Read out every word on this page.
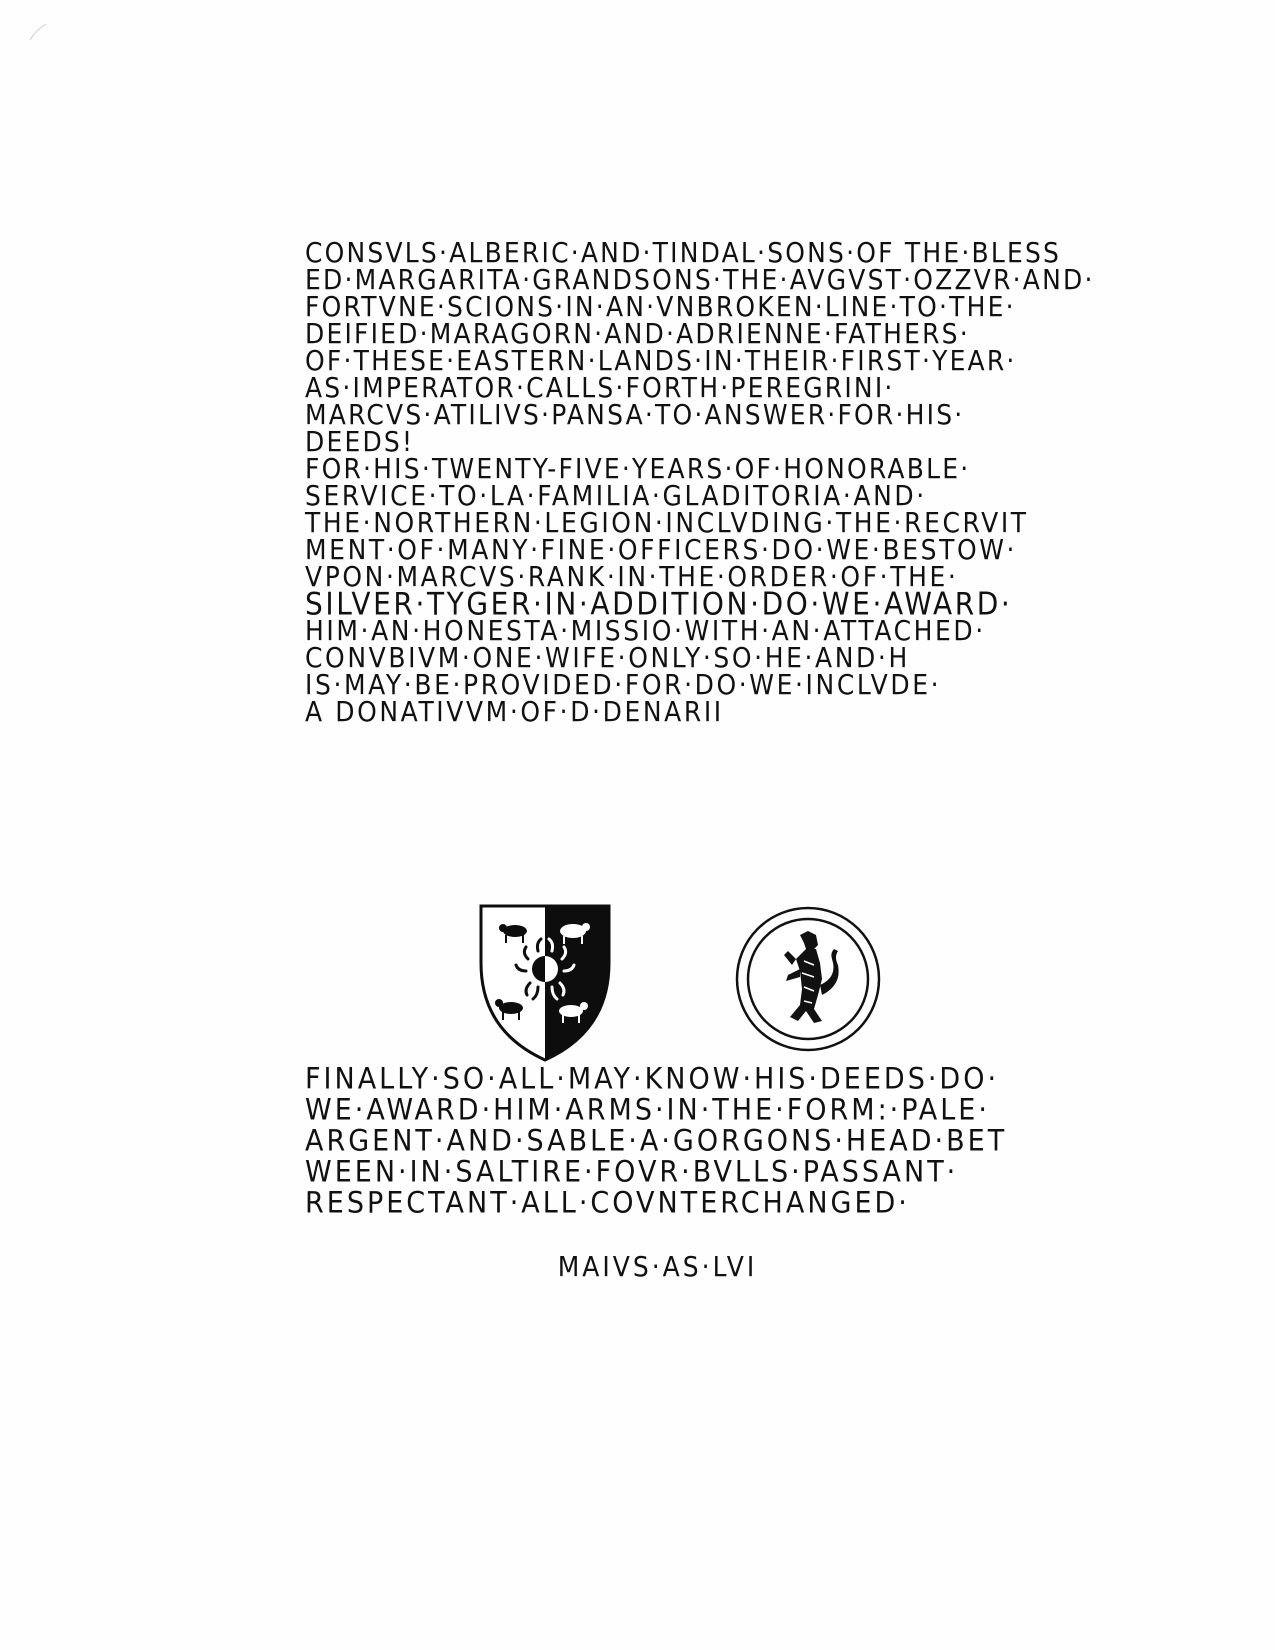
CONSVLS·ALBERIC·AND·TINDAL·SONS·OF THE·BLESS
ED·MARGARITA·GRANDSONS·THE·AVGVST·OZZVR·AND·
FORTVNE·SCIONS·IN·AN·VNBROKEN·LINE·TO·THE·
DEIFIED·MARAGORN·AND·ADRIENNE·FATHERS·
OF·THESE·EASTERN·LANDS·IN·THEIR·FIRST·YEAR·
AS·IMPERATOR·CALLS·FORTH·PEREGRINI·
MARCVS·ATILIVS·PANSA·TO·ANSWER·FOR·HIS·
DEEDS!
FOR·HIS·TWENTY-FIVE·YEARS·OF·HONORABLE·
SERVICE·TO·LA·FAMILIA·GLADITORIA·AND·
THE·NORTHERN·LEGION·INCLVDING·THE·RECRVIT
MENT·OF·MANY·FINE·OFFICERS·DO·WE·BESTOW·
VPON·MARCVS·RANK·IN·THE·ORDER·OF·THE·
SILVER·TYGER·IN·ADDITION·DO·WE·AWARD·
HIM·AN·HONESTA·MISSIO·WITH·AN·ATTACHED·
CONVBIVM·ONE·WIFE·ONLY·SO·HE·AND·H
IS·MAY·BE·PROVIDED·FOR·DO·WE·INCLVDE·
A DONATIVVM·OF·D·DENARII
FINALLY·SO·ALL·MAY·KNOW·HIS·DEEDS·DO·
WE·AWARD·HIM·ARMS·IN·THE·FORM:·PALE·
ARGENT·AND·SABLE·A·GORGONS·HEAD·BET
WEEN·IN·SALTIRE·FOVR·BVLLS·PASSANT·
RESPECTANT·ALL·COVNTERCHANGED·
MAIVS·AS·LVI
